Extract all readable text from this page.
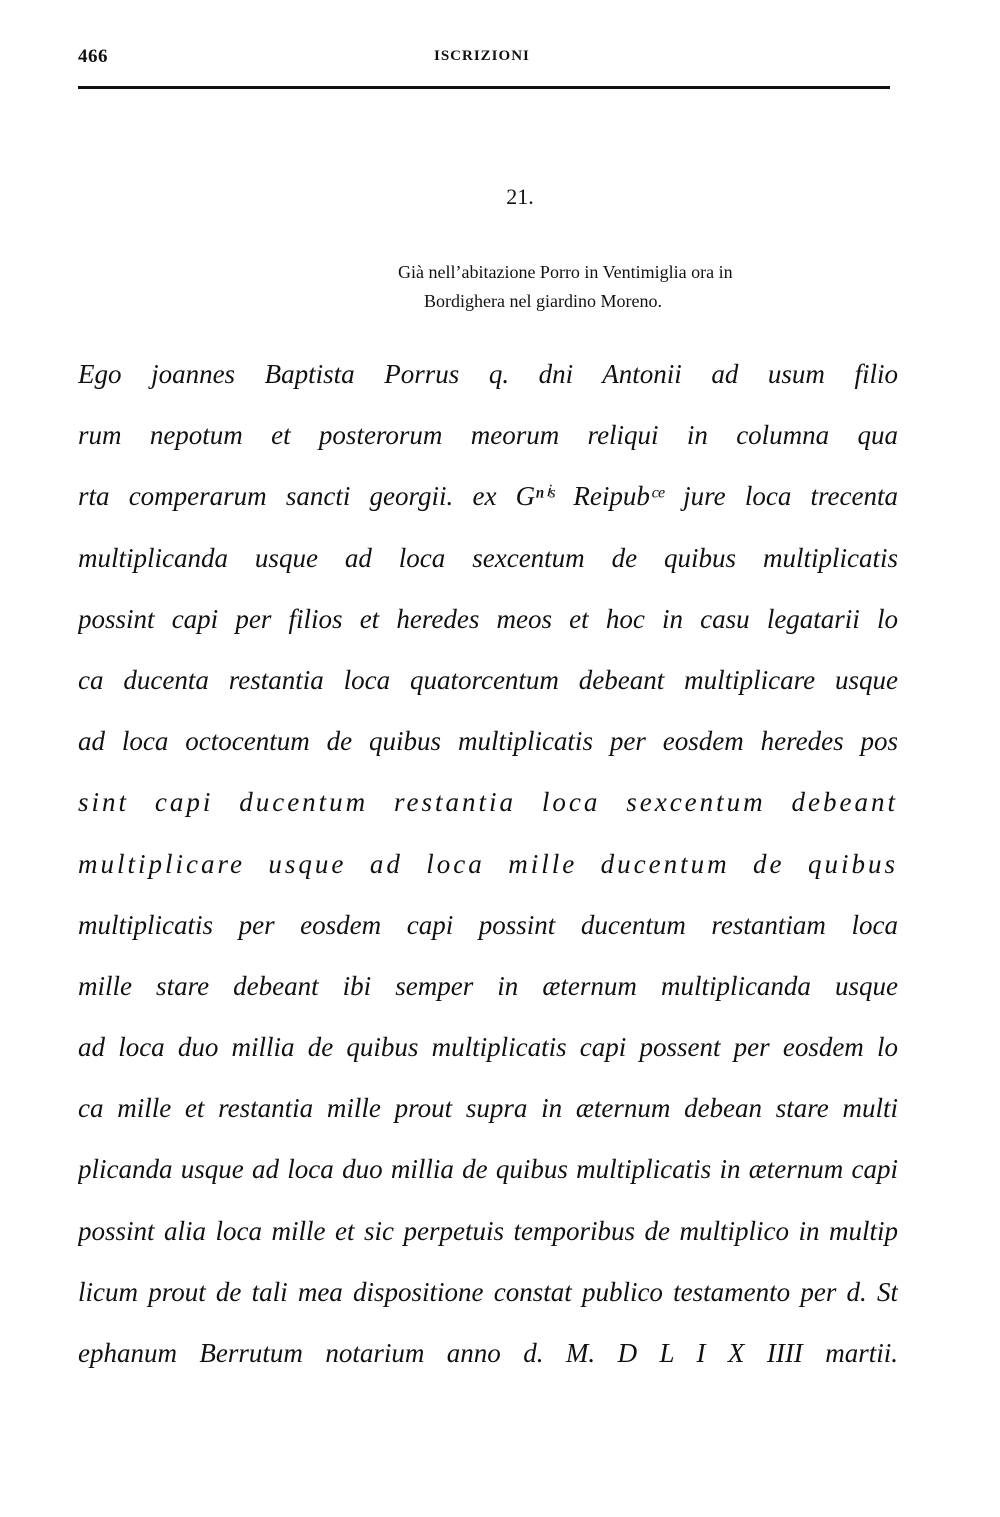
466	ISCRIZIONI
21.
Già nell’abitazione Porro in Ventimiglia ora in
Bordighera nel giardino Moreno.
Ego joannes Baptista Porrus q. dni Antonii ad usum filio
rum nepotum et posterorum meorum reliqui in columna qua
rta comperarum sancti georgii. ex Gⁿⁱˢ Reipubᶜᵉ jure loca trecenta
multiplicanda usque ad loca sexcentum de quibus multiplicatis
possint capi per filios et heredes meos et hoc in casu legatarii lo
ca ducenta restantia loca quatorcentum debeant multiplicare usque
ad loca octocentum de quibus multiplicatis per eosdem heredes pos
sint capi ducentum restantia loca sexcentum debeant
multiplicare usque ad loca mille ducentum de quibus
multiplicatis per eosdem capi possint ducentum restantiam loca
mille stare debeant ibi semper in æternum multiplicanda usque
ad loca duo millia de quibus multiplicatis capi possent per eosdem lo
ca mille et restantia mille prout supra in æternum debean stare multi
plicanda usque ad loca duo millia de quibus multiplicatis in æternum capi
possint alia loca mille et sic perpetuis temporibus de multiplico in multip
licum prout de tali mea dispositione constat publico testamento per d. St
ephanum Berrutum notarium anno d. M. D L I X IIII martii.
